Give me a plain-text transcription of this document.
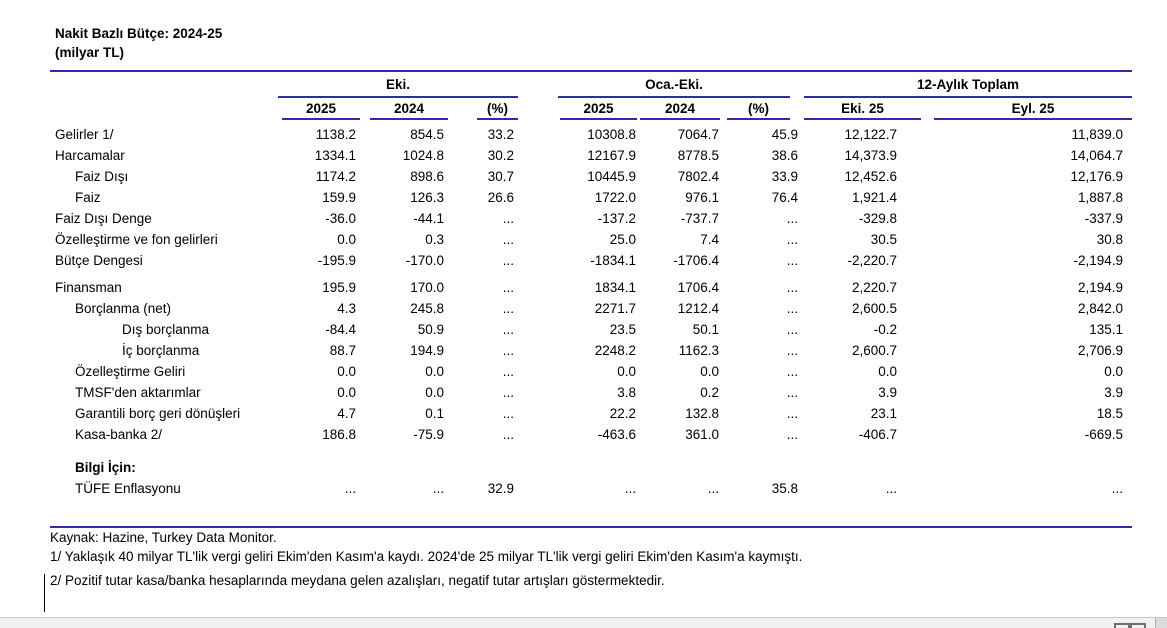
Nakit Bazlı Bütçe: 2024-25
(milyar TL)
Eki.	Oca.-Eki.	12-Aylık Toplam
2025	2024	(%)	2025	2024	(%)	Eki. 25	Eyl. 25
Gelirler 1/	1138.2	854.5	33.2	10308.8	7064.7	45.9	12,122.7	11,839.0
Harcamalar	1334.1	1024.8	30.2	12167.9	8778.5	38.6	14,373.9	14,064.7
Faiz Dışı	1174.2	898.6	30.7	10445.9	7802.4	33.9	12,452.6	12,176.9
Faiz	159.9	126.3	26.6	1722.0	976.1	76.4	1,921.4	1,887.8
Faiz Dışı Denge	-36.0	-44.1	...	-137.2	-737.7	...	-329.8	-337.9
Özelleştirme ve fon gelirleri	0.0	0.3	...	25.0	7.4	...	30.5	30.8
Bütçe Dengesi	-195.9	-170.0	...	-1834.1	-1706.4	...	-2,220.7	-2,194.9
Finansman	195.9	170.0	...	1834.1	1706.4	...	2,220.7	2,194.9
Borçlanma (net)	4.3	245.8	...	2271.7	1212.4	...	2,600.5	2,842.0
Dış borçlanma	-84.4	50.9	...	23.5	50.1	...	-0.2	135.1
İç borçlanma	88.7	194.9	...	2248.2	1162.3	...	2,600.7	2,706.9
Özelleştirme Geliri	0.0	0.0	...	0.0	0.0	...	0.0	0.0
TMSF'den aktarımlar	0.0	0.0	...	3.8	0.2	...	3.9	3.9
Garantili borç geri dönüşleri	4.7	0.1	...	22.2	132.8	...	23.1	18.5
Kasa-banka 2/	186.8	-75.9	...	-463.6	361.0	...	-406.7	-669.5
Bilgi İçin:
TÜFE Enflasyonu	...	...	32.9	...	...	35.8	...	...
Kaynak: Hazine, Turkey Data Monitor.
1/ Yaklaşık 40 milyar TL'lik vergi geliri Ekim'den Kasım'a kaydı. 2024'de 25 milyar TL'lik vergi geliri Ekim'den Kasım'a kaymıştı.
2/ Pozitif tutar kasa/banka hesaplarında meydana gelen azalışları, negatif tutar artışları göstermektedir.
